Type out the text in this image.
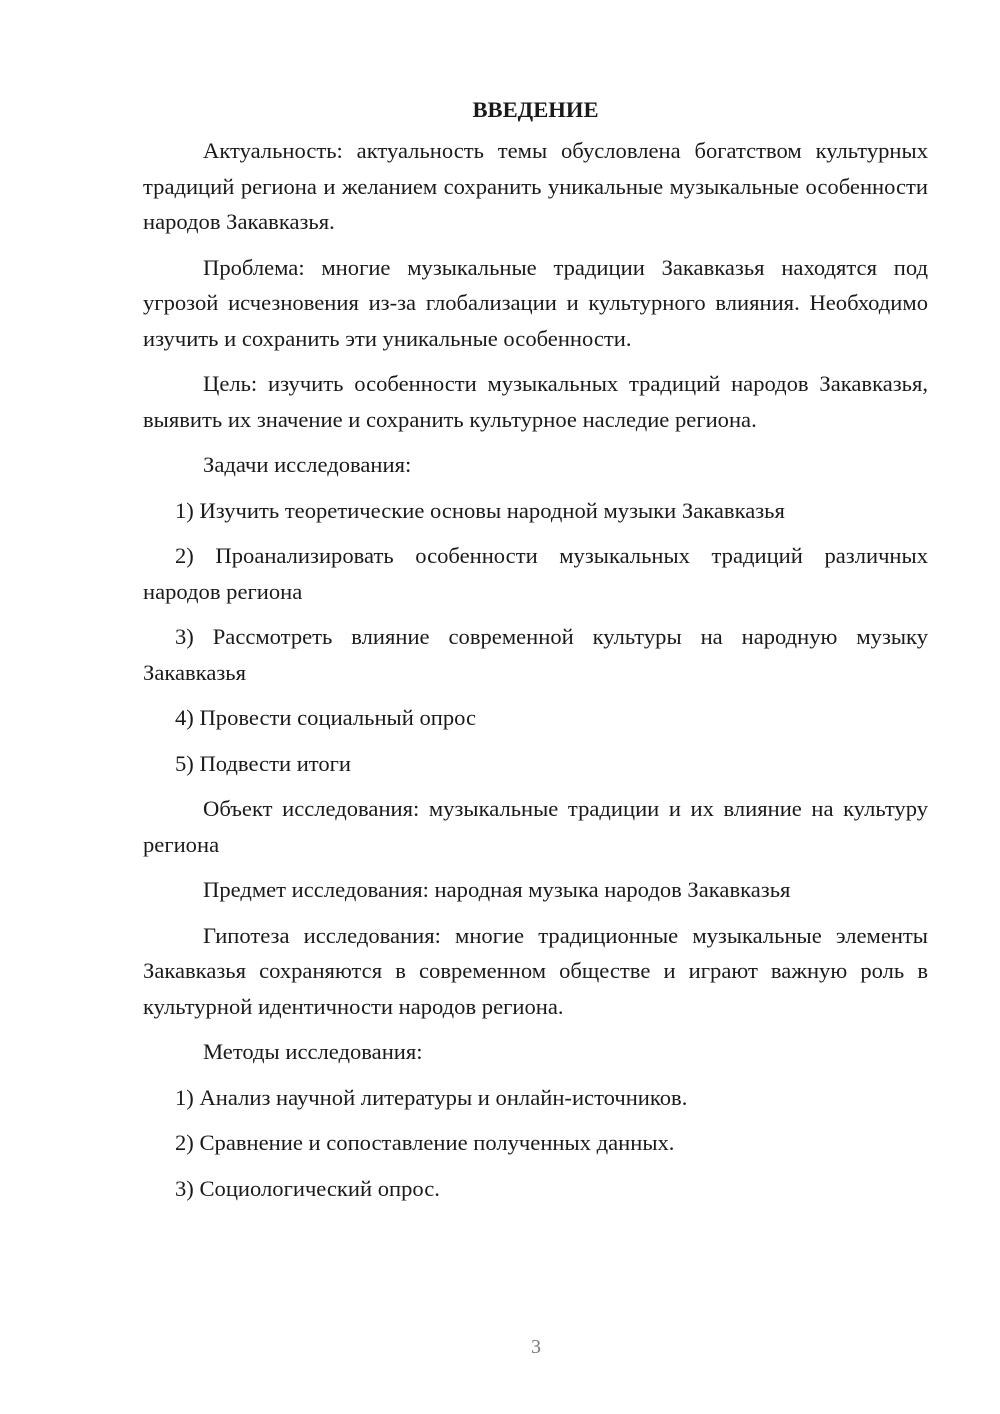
ВВЕДЕНИЕ

Актуальность: актуальность темы обусловлена богатством культурных традиций региона и желанием сохранить уникальные музыкальные особенности народов Закавказья.

Проблема: многие музыкальные традиции Закавказья находятся под угрозой исчезновения из-за глобализации и культурного влияния. Необходимо изучить и сохранить эти уникальные особенности.

Цель: изучить особенности музыкальных традиций народов Закавказья, выявить их значение и сохранить культурное наследие региона.

Задачи исследования:

1) Изучить теоретические основы народной музыки Закавказья

2) Проанализировать особенности музыкальных традиций различных народов региона

3) Рассмотреть влияние современной культуры на народную музыку Закавказья

4) Провести социальный опрос

5) Подвести итоги

Объект исследования: музыкальные традиции и их влияние на культуру региона

Предмет исследования: народная музыка народов Закавказья

Гипотеза исследования: многие традиционные музыкальные элементы Закавказья сохраняются в современном обществе и играют важную роль в культурной идентичности народов региона.

Методы исследования:

1) Анализ научной литературы и онлайн-источников.

2) Сравнение и сопоставление полученных данных.

3) Социологический опрос.

3
